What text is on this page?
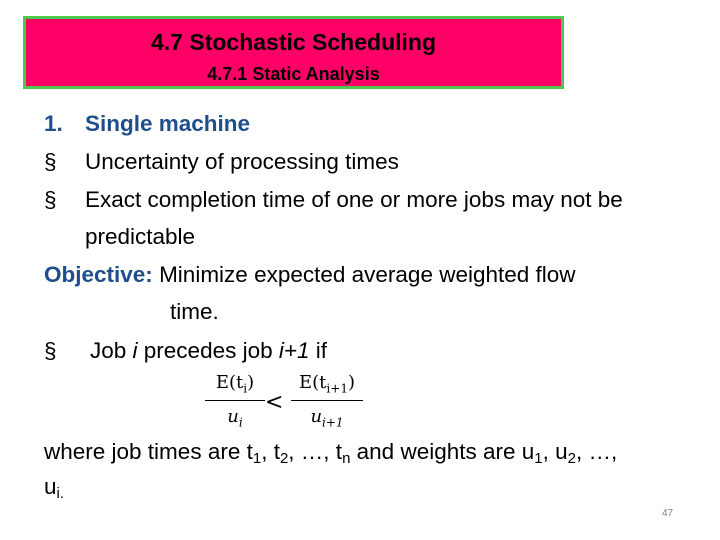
4.7 Stochastic Scheduling
4.7.1 Static Analysis
1. Single machine
§ Uncertainty of processing times
§ Exact completion time of one or more jobs may not be
predictable
Objective: Minimize expected average weighted flow
time.
§ Job i precedes job i+1 if
$E(t_i)$
$u_i$
<
$E(t_{i+1})$
$u_{i+1}$
where job times are $t_1$, $t_2$, …, $t_n$ and weights are $u_1$, $u_2$, …,
$u_{i.}$
47
